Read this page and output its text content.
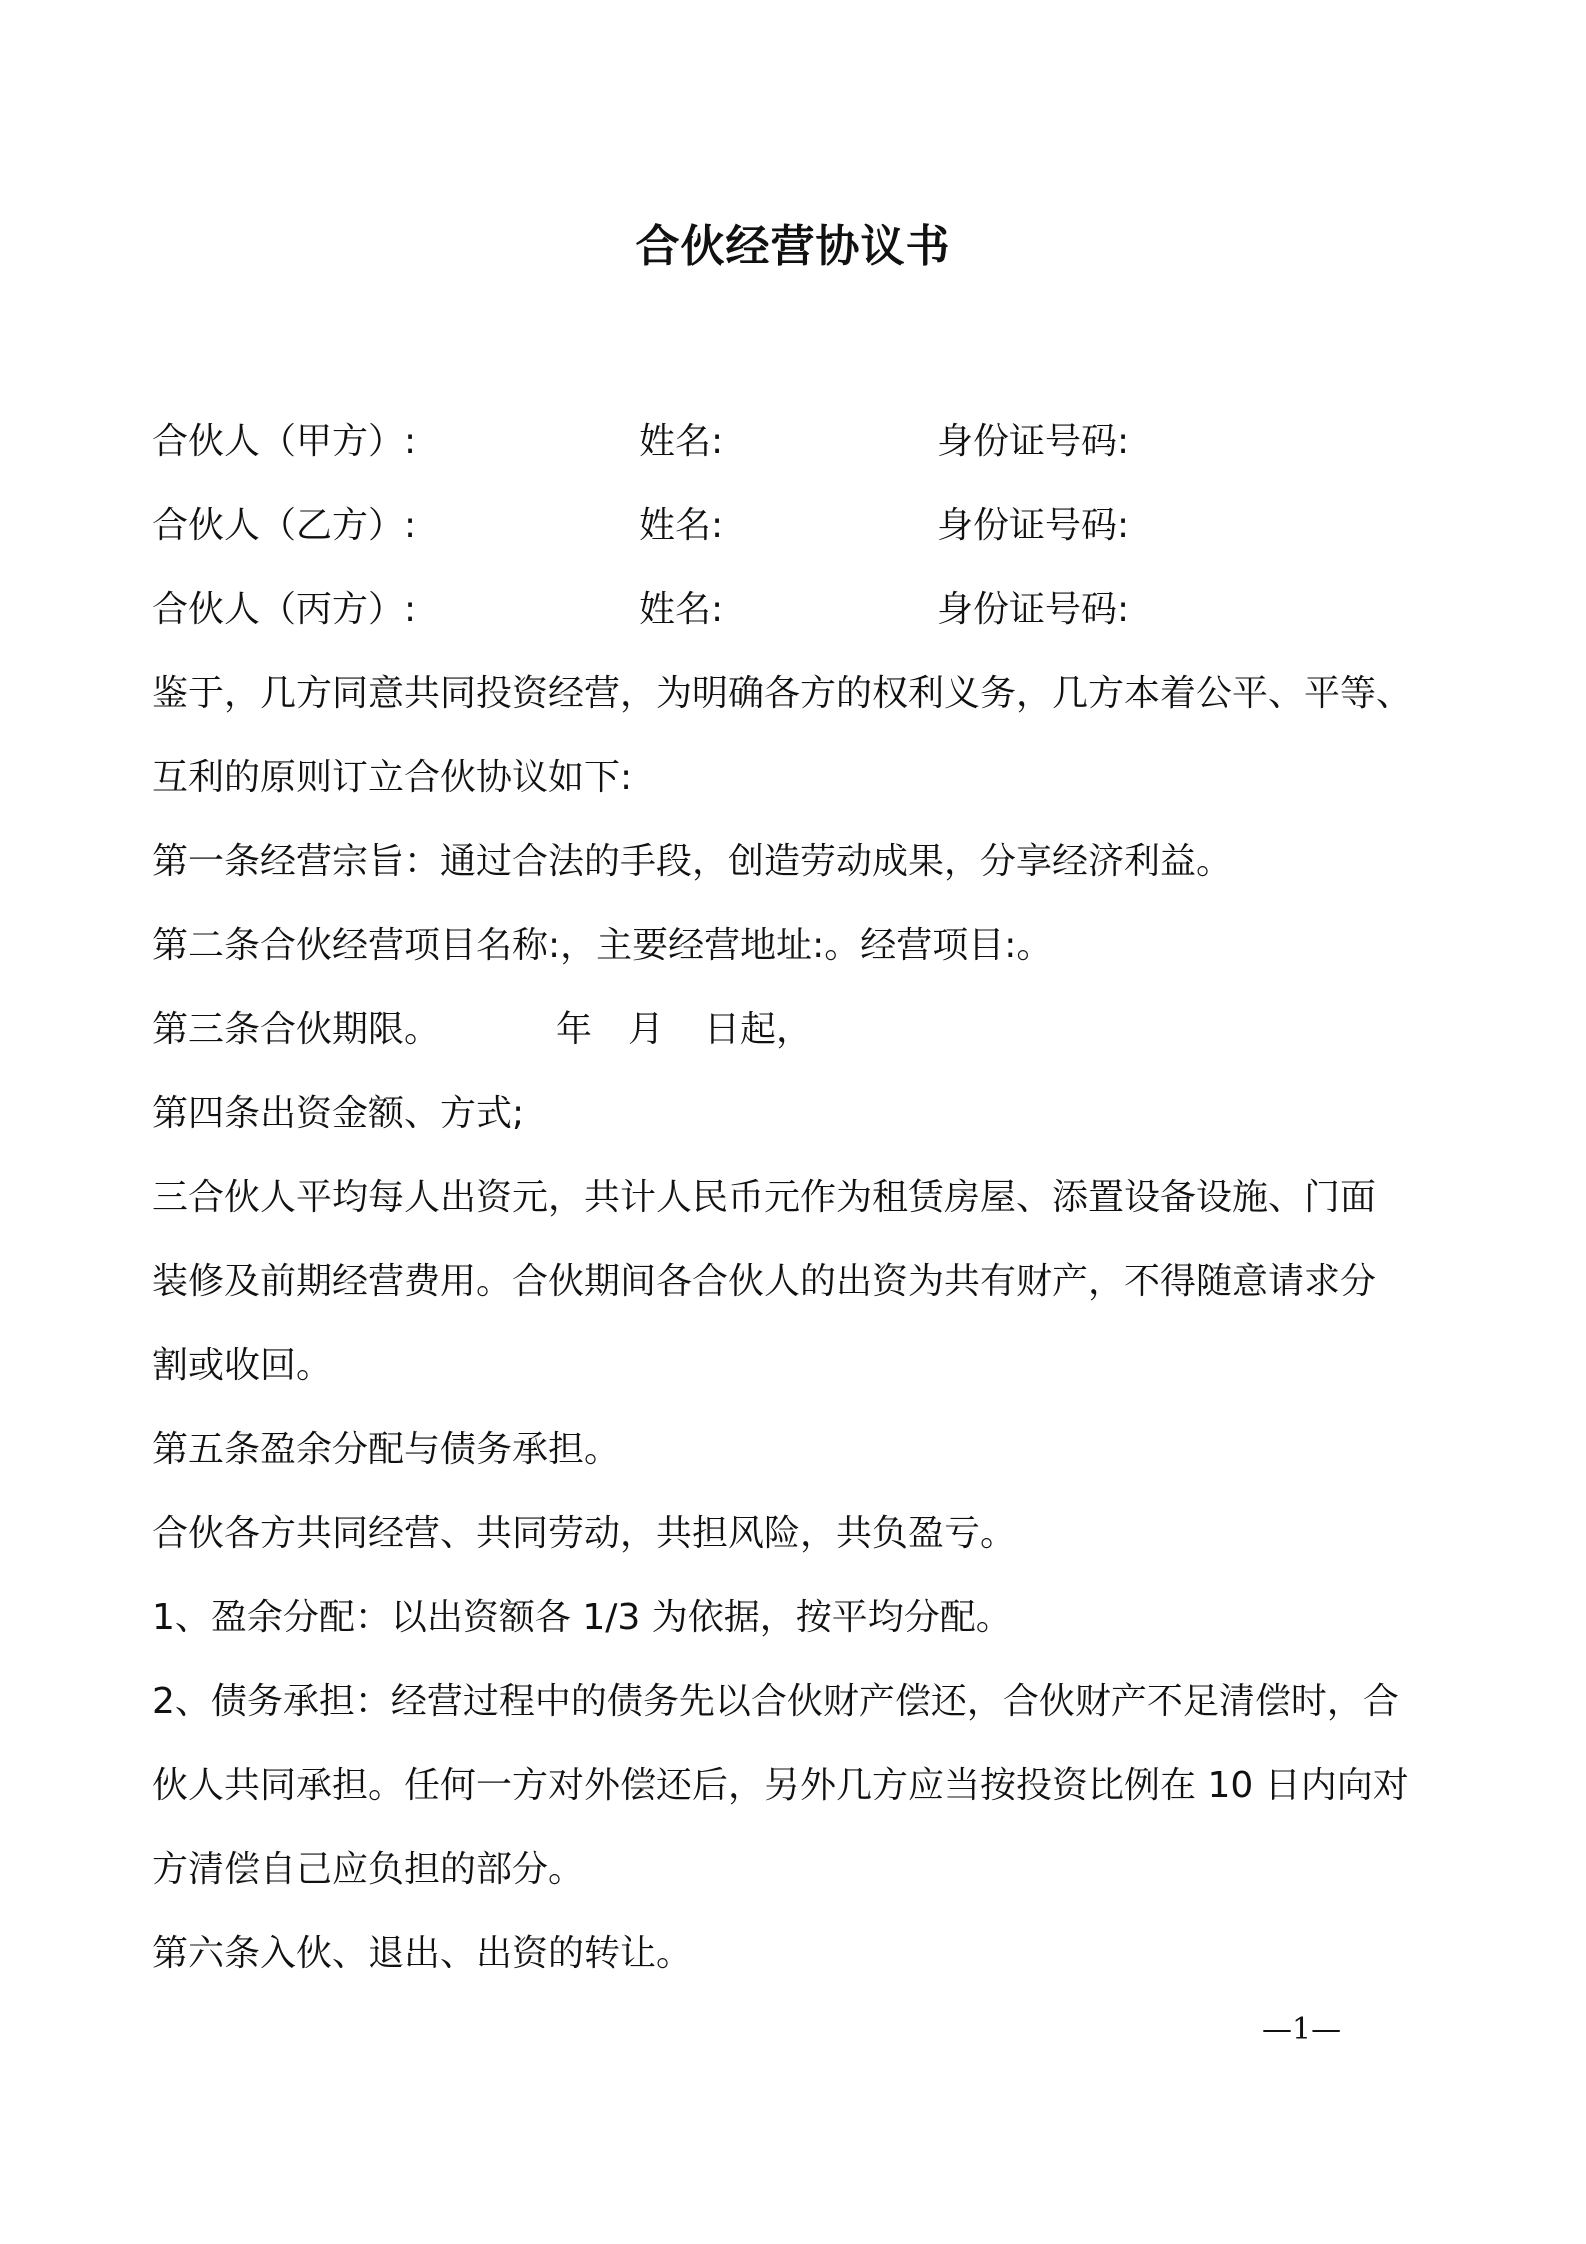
合伙经营协议书
合伙人（甲方）:	姓名:	身份证号码:
合伙人（乙方）:	姓名:	身份证号码:
合伙人（丙方）:	姓名:	身份证号码:
鉴于，几方同意共同投资经营，为明确各方的权利义务，几方本着公平、平等、
互利的原则订立合伙协议如下:
第一条经营宗旨：通过合法的手段，创造劳动成果，分享经济利益。
第二条合伙经营项目名称:，主要经营地址:。经营项目:。
第三条合伙期限。	年 月 日起，
第四条出资金额、方式;
三合伙人平均每人出资元，共计人民币元作为租赁房屋、添置设备设施、门面
装修及前期经营费用。合伙期间各合伙人的出资为共有财产，不得随意请求分
割或收回。
第五条盈余分配与债务承担。
合伙各方共同经营、共同劳动，共担风险，共负盈亏。
1、盈余分配：以出资额各 1/3 为依据，按平均分配。
2、债务承担：经营过程中的债务先以合伙财产偿还，合伙财产不足清偿时，合
伙人共同承担。任何一方对外偿还后，另外几方应当按投资比例在 10 日内向对
方清偿自己应负担的部分。
第六条入伙、退出、出资的转让。
—1—
